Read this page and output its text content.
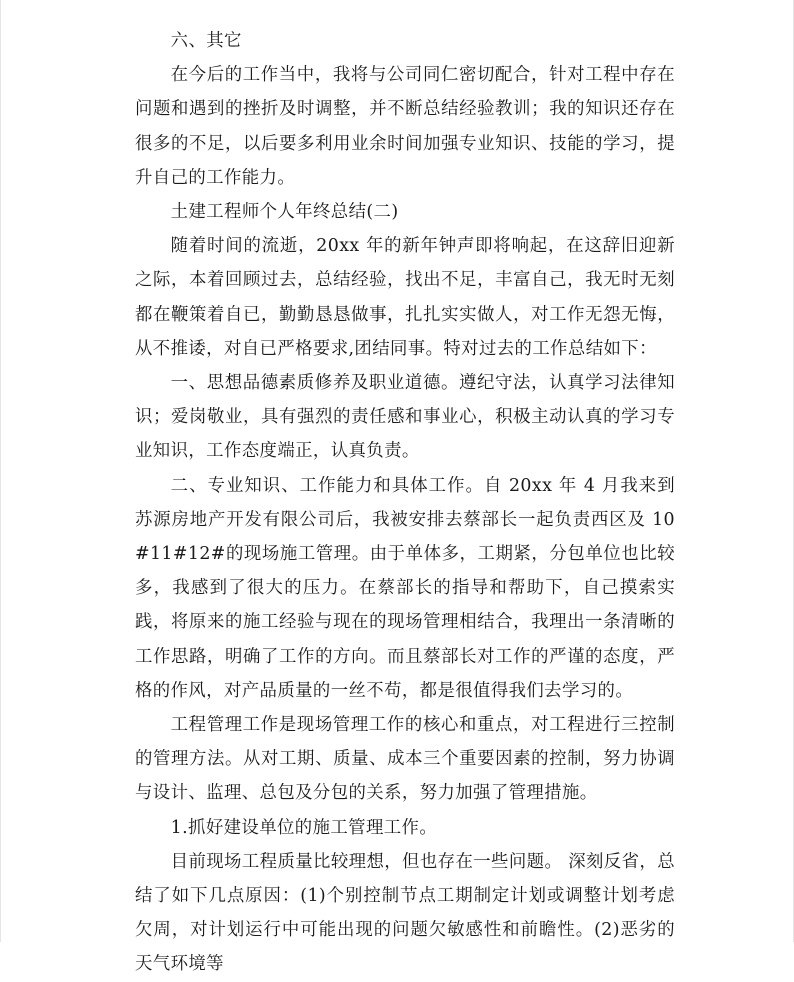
六、其它

在今后的工作当中，我将与公司同仁密切配合，针对工程中存在问题和遇到的挫折及时调整，并不断总结经验教训；我的知识还存在很多的不足，以后要多利用业余时间加强专业知识、技能的学习，提升自己的工作能力。

土建工程师个人年终总结(二)

随着时间的流逝，20xx 年的新年钟声即将响起，在这辞旧迎新之际，本着回顾过去，总结经验，找出不足，丰富自己，我无时无刻都在鞭策着自已，勤勤恳恳做事，扎扎实实做人，对工作无怨无悔，从不推诿，对自已严格要求,团结同事。特对过去的工作总结如下：

一、思想品德素质修养及职业道德。遵纪守法，认真学习法律知识；爱岗敬业，具有强烈的责任感和事业心，积极主动认真的学习专业知识，工作态度端正，认真负责。

二、专业知识、工作能力和具体工作。自 20xx 年 4 月我来到苏源房地产开发有限公司后，我被安排去蔡部长一起负责西区及 10#11#12#的现场施工管理。由于单体多，工期紧，分包单位也比较多，我感到了很大的压力。在蔡部长的指导和帮助下，自己摸索实践，将原来的施工经验与现在的现场管理相结合，我理出一条清晰的工作思路，明确了工作的方向。而且蔡部长对工作的严谨的态度，严格的作风，对产品质量的一丝不苟，都是很值得我们去学习的。

工程管理工作是现场管理工作的核心和重点，对工程进行三控制的管理方法。从对工期、质量、成本三个重要因素的控制，努力协调与设计、监理、总包及分包的关系，努力加强了管理措施。

1.抓好建设单位的施工管理工作。

目前现场工程质量比较理想，但也存在一些问题。 深刻反省，总结了如下几点原因：(1)个别控制节点工期制定计划或调整计划考虑欠周，对计划运行中可能出现的问题欠敏感性和前瞻性。(2)恶劣的天气环境等
